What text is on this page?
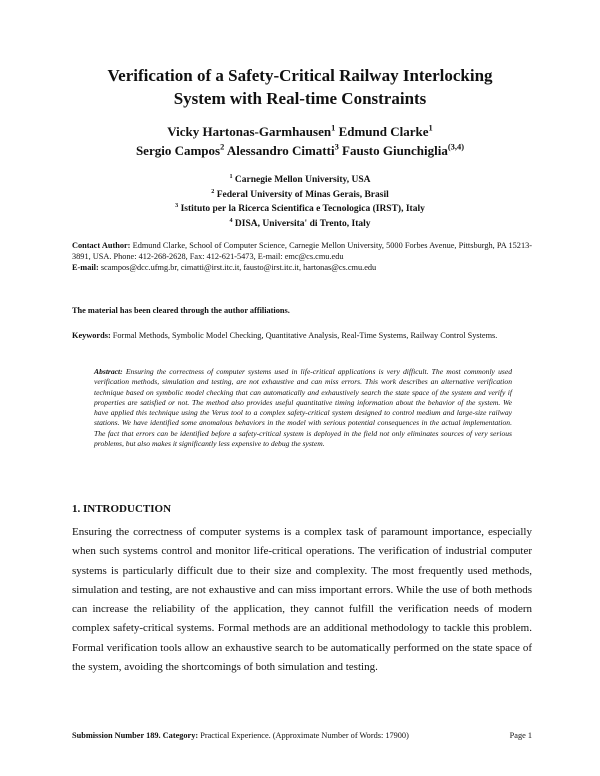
Verification of a Safety-Critical Railway Interlocking
System with Real-time Constraints
Vicky Hartonas-Garmhausen$^1$ Edmund Clarke$^1$
Sergio Campos$^2$ Alessandro Cimatti$^3$ Fausto Giunchiglia$^{(3,4)}$
$^1$ Carnegie Mellon University, USA
$^2$ Federal University of Minas Gerais, Brasil
$^3$ Istituto per la Ricerca Scientifica e Tecnologica (IRST), Italy
$^4$ DISA, Universita' di Trento, Italy
Contact Author: Edmund Clarke, School of Computer Science, Carnegie Mellon University, 5000 Forbes Avenue, Pittsburgh, PA 15213-3891, USA. Phone: 412-268-2628, Fax: 412-621-5473, E-mail: emc@cs.cmu.edu
E-mail: scampos@dcc.ufmg.br, cimatti@irst.itc.it, fausto@irst.itc.it, hartonas@cs.cmu.edu
The material has been cleared through the author affiliations.
Keywords: Formal Methods, Symbolic Model Checking, Quantitative Analysis, Real-Time Systems, Railway Control Systems.
Abstract: Ensuring the correctness of computer systems used in life-critical applications is very difficult. The most commonly used verification methods, simulation and testing, are not exhaustive and can miss errors. This work describes an alternative verification technique based on symbolic model checking that can automatically and exhaustively search the state space of the system and verify if properties are satisfied or not. The method also provides useful quantitative timing information about the behavior of the system. We have applied this technique using the Verus tool to a complex safety-critical system designed to control medium and large-size railway stations. We have identified some anomalous behaviors in the model with serious potential consequences in the actual implementation. The fact that errors can be identified before a safety-critical system is deployed in the field not only eliminates sources of very serious problems, but also makes it significantly less expensive to debug the system.
1. INTRODUCTION
Ensuring the correctness of computer systems is a complex task of paramount importance, especially when such systems control and monitor life-critical operations. The verification of industrial computer systems is particularly difficult due to their size and complexity. The most frequently used methods, simulation and testing, are not exhaustive and can miss important errors. While the use of both methods can increase the reliability of the application, they cannot fulfill the verification needs of modern complex safety-critical systems. Formal methods are an additional methodology to tackle this problem. Formal verification tools allow an exhaustive search to be automatically performed on the state space of the system, avoiding the shortcomings of both simulation and testing.
Submission Number 189. Category: Practical Experience. (Approximate Number of Words: 17900)	Page 1
